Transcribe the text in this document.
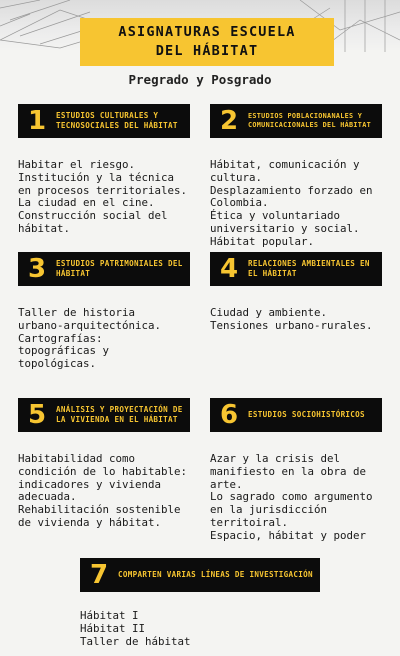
ASIGNATURAS ESCUELA
DEL HÁBITAT
Pregrado y Posgrado
1	ESTUDIOS CULTURALES Y TECNOSOCIALES DEL HÁBITAT
Habitar el riesgo.
Institución y la técnica en procesos territoriales.
La ciudad en el cine.
Construcción social del hábitat.
2	ESTUDIOS POBLACIONANALES Y COMUNICACIONALES DEL HÁBITAT
Hábitat, comunicación y cultura.
Desplazamiento forzado en Colombia.
Ética y voluntariado universitario y social.
Hábitat popular.
3	ESTUDIOS PATRIMONIALES DEL HÁBITAT
Taller de historia urbano-arquitectónica.
Cartografías: topográficas y topológicas.
4	RELACIONES AMBIENTALES EN EL HÁBITAT
Ciudad y ambiente.
Tensiones urbano-rurales.
5	ANÁLISIS Y PROYECTACIÓN DE LA VIVIENDA EN EL HÁBITAT
Habitabilidad como condición de lo habitable: indicadores y vivienda adecuada.
Rehabilitación sostenible de vivienda y hábitat.
6	ESTUDIOS SOCIOHISTÓRICOS
Azar y la crisis del manifiesto en la obra de arte.
Lo sagrado como argumento en la jurisdicción territoiral.
Espacio, hábitat y poder
7	COMPARTEN VARIAS LÍNEAS DE INVESTIGACIÓN
Hábitat I
Hábitat II
Taller de hábitat
